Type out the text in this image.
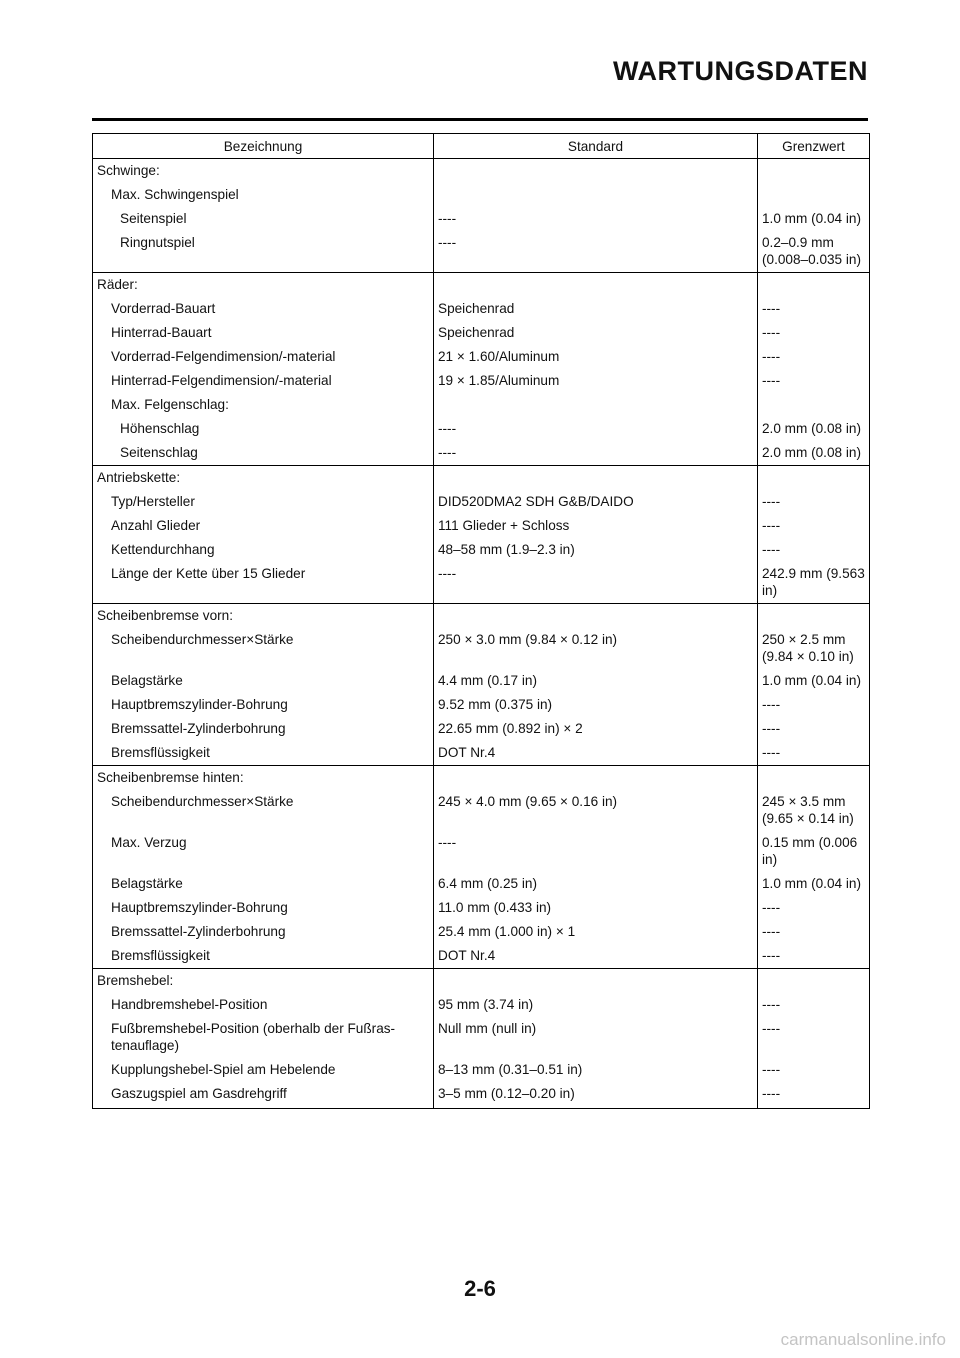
WARTUNGSDATEN
Bezeichnung	Standard	Grenzwert
Schwinge:		
Max. Schwingenspiel		
Seitenspiel	----	1.0 mm (0.04 in)
Ringnutspiel	----	0.2–0.9 mm (0.008–0.035 in)
Räder:		
Vorderrad-Bauart	Speichenrad	----
Hinterrad-Bauart	Speichenrad	----
Vorderrad-Felgendimension/-material	21 × 1.60/Aluminum	----
Hinterrad-Felgendimension/-material	19 × 1.85/Aluminum	----
Max. Felgenschlag:		
Höhenschlag	----	2.0 mm (0.08 in)
Seitenschlag	----	2.0 mm (0.08 in)
Antriebskette:		
Typ/Hersteller	DID520DMA2 SDH G&B/DAIDO	----
Anzahl Glieder	111 Glieder + Schloss	----
Kettendurchhang	48–58 mm (1.9–2.3 in)	----
Länge der Kette über 15 Glieder	----	242.9 mm (9.563 in)
Scheibenbremse vorn:		
Scheibendurchmesser×Stärke	250 × 3.0 mm (9.84 × 0.12 in)	250 × 2.5 mm (9.84 × 0.10 in)
Belagstärke	4.4 mm (0.17 in)	1.0 mm (0.04 in)
Hauptbremszylinder-Bohrung	9.52 mm (0.375 in)	----
Bremssattel-Zylinderbohrung	22.65 mm (0.892 in) × 2	----
Bremsflüssigkeit	DOT Nr.4	----
Scheibenbremse hinten:		
Scheibendurchmesser×Stärke	245 × 4.0 mm (9.65 × 0.16 in)	245 × 3.5 mm (9.65 × 0.14 in)
Max. Verzug	----	0.15 mm (0.006 in)
Belagstärke	6.4 mm (0.25 in)	1.0 mm (0.04 in)
Hauptbremszylinder-Bohrung	11.0 mm (0.433 in)	----
Bremssattel-Zylinderbohrung	25.4 mm (1.000 in) × 1	----
Bremsflüssigkeit	DOT Nr.4	----
Bremshebel:		
Handbremshebel-Position	95 mm (3.74 in)	----
Fußbremshebel-Position (oberhalb der Fußras-tenauflage)	Null mm (null in)	----
Kupplungshebel-Spiel am Hebelende	8–13 mm (0.31–0.51 in)	----
Gaszugspiel am Gasdrehgriff	3–5 mm (0.12–0.20 in)	----
2-6
carmanualsonline.info
